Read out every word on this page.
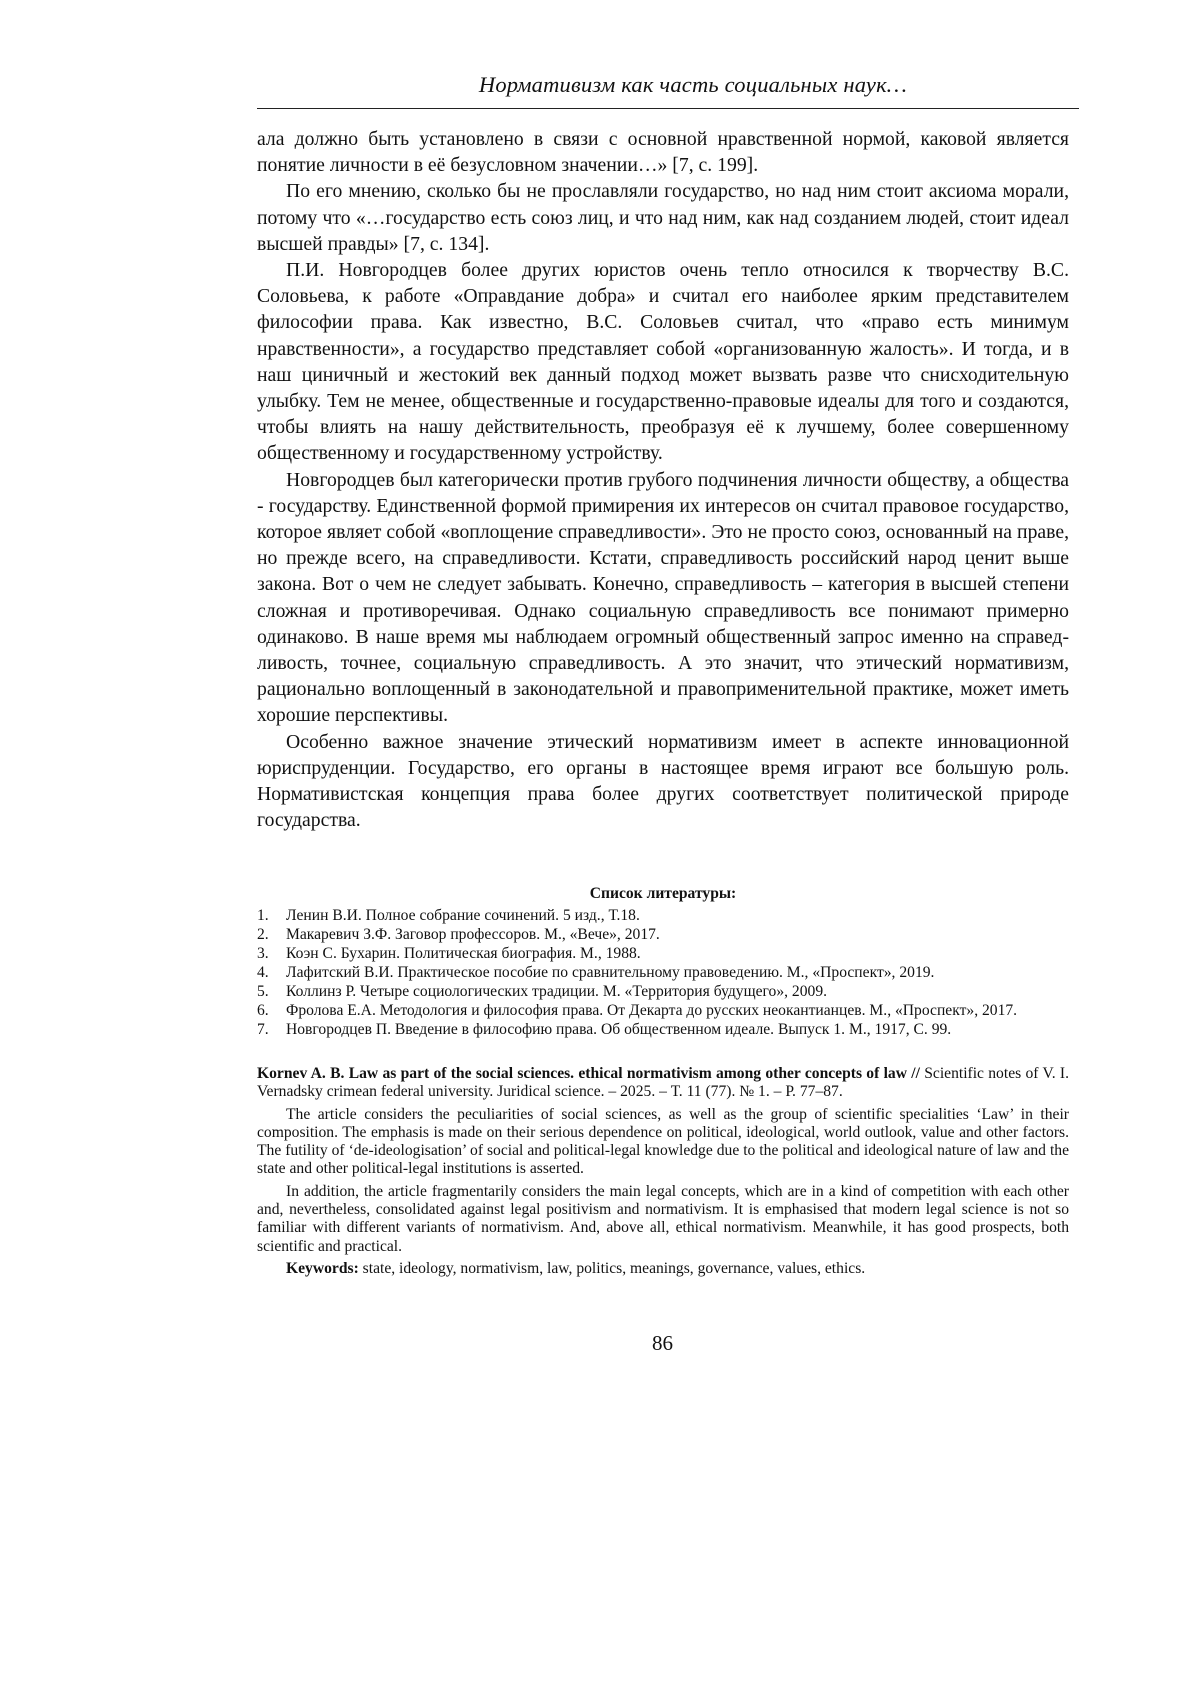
Нормативизм как часть социальных наук…

ала должно быть установлено в связи с основной нравственной нормой, каковой является понятие личности в её безусловном значении…» [7, с. 199].

По его мнению, сколько бы не прославляли государство, но над ним стоит аксиома морали, потому что «…государство есть союз лиц, и что над ним, как над созданием людей, стоит идеал высшей правды» [7, с. 134].

П.И. Новгородцев более других юристов очень тепло относился к творчеству В.С. Соловьева, к работе «Оправдание добра» и считал его наиболее ярким представителем философии права. Как известно, В.С. Соловьев считал, что «право есть минимум нравственности», а государство представляет собой «организованную жалость». И тогда, и в наш циничный и жестокий век данный подход может вызвать разве что снисходительную улыбку. Тем не менее, общественные и государственно-правовые идеалы для того и создаются, чтобы влиять на нашу действительность, преобразуя её к лучшему, более совершенному общественному и государственному устройству.

Новгородцев был категорически против грубого подчинения личности обществу, а общества - государству. Единственной формой примирения их интересов он считал правовое государство, которое являет собой «воплощение справедливости». Это не просто союз, основанный на праве, но прежде всего, на справедливости. Кстати, справедливость российский народ ценит выше закона. Вот о чем не следует забывать. Конечно, справедливость – категория в высшей степени сложная и противоречивая. Однако социальную справедливость все понимают примерно одинаково. В наше время мы наблюдаем огромный общественный запрос именно на справедливость, точнее, социальную справедливость. А это значит, что этический нормативизм, рационально воплощенный в законодательной и правоприменительной практике, может иметь хорошие перспективы.

Особенно важное значение этический нормативизм имеет в аспекте инновационной юриспруденции. Государство, его органы в настоящее время играют все большую роль. Нормативистская концепция права более других соответствует политической природе государства.

Список литературы:
1. Ленин В.И. Полное собрание сочинений. 5 изд., Т.18.
2. Макаревич З.Ф. Заговор профессоров. М., «Вече», 2017.
3. Коэн С. Бухарин. Политическая биография. М., 1988.
4. Лафитский В.И. Практическое пособие по сравнительному правоведению. М., «Проспект», 2019.
5. Коллинз Р. Четыре социологических традиции. М. «Территория будущего», 2009.
6. Фролова Е.А. Методология и философия права. От Декарта до русских неокантианцев. М., «Проспект», 2017.
7. Новгородцев П. Введение в философию права. Об общественном идеале. Выпуск 1. М., 1917, С. 99.

Kornev A. B. Law as part of the social sciences. ethical normativism among other concepts of law // Scientific notes of V. I. Vernadsky crimean federal university. Juridical science. – 2025. – Т. 11 (77). № 1. – Р. 77–87.

The article considers the peculiarities of social sciences, as well as the group of scientific specialities ‘Law’ in their composition. The emphasis is made on their serious dependence on political, ideological, world outlook, value and other factors. The futility of ‘de-ideologisation’ of social and political-legal knowledge due to the political and ideological nature of law and the state and other political-legal institutions is asserted.

In addition, the article fragmentarily considers the main legal concepts, which are in a kind of competition with each other and, nevertheless, consolidated against legal positivism and normativism. It is emphasised that modern legal science is not so familiar with different variants of normativism. And, above all, ethical normativism. Meanwhile, it has good prospects, both scientific and practical.

Keywords: state, ideology, normativism, law, politics, meanings, governance, values, ethics.

86
